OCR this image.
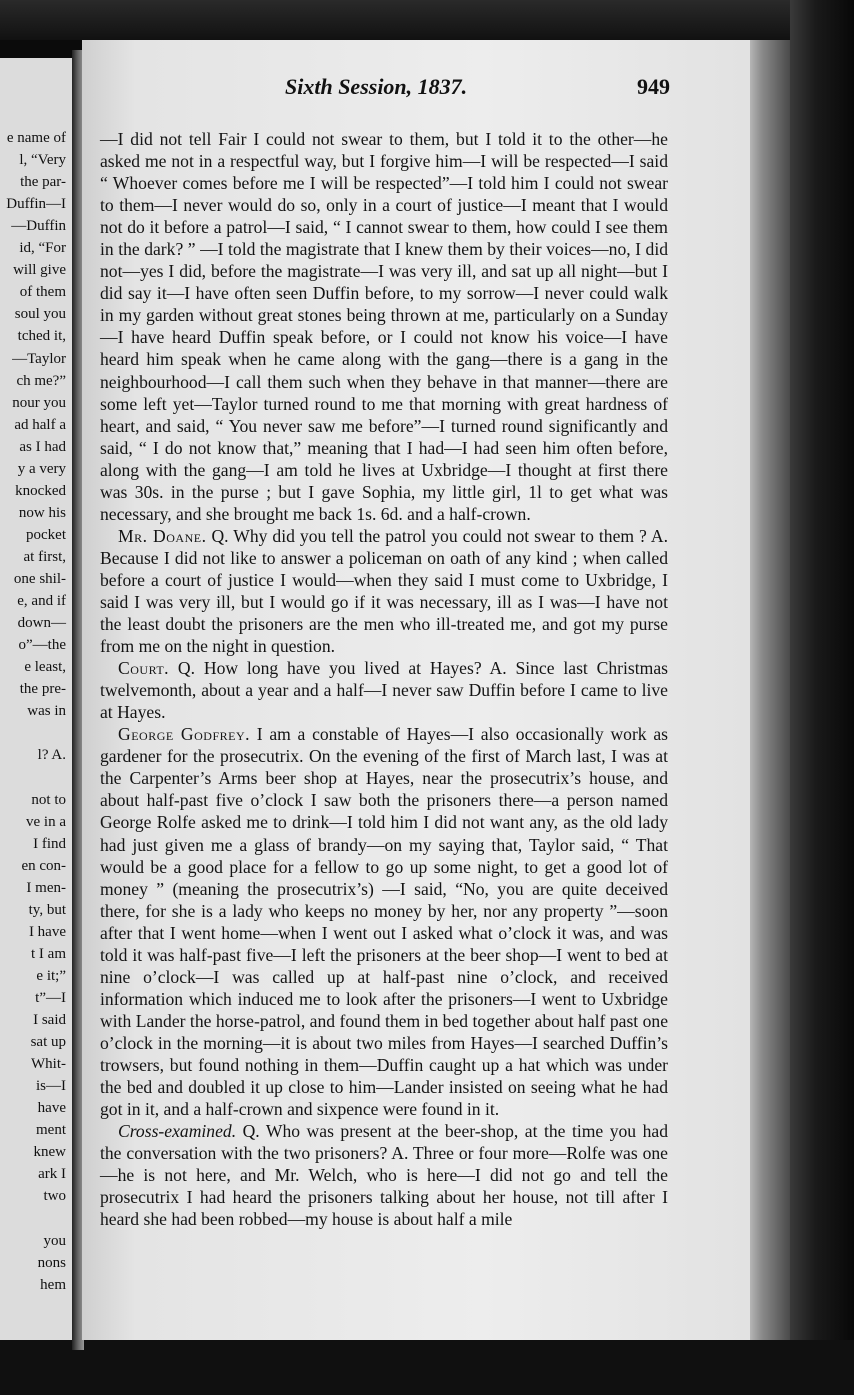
e name of
l, “Very
the par-
Duffin—I
—Duffin
id, “For
will give
of them
soul you
tched it,
—Taylor
ch me?”
nour you
ad half a
as I had
y a very
knocked
now his
pocket
at first,
one shil-
e, and if
down—
o”—the
e least,
the pre-
was in
l? A.
not to
ve in a
I find
en con-
I men-
ty, but
I have
t I am
e it;”
t”—I
I said
sat up
Whit-
is—I
have
ment
knew
ark I
two
you
nons
hem
Sixth Session, 1837.	949

—I did not tell Fair I could not swear to them, but I told it to the other—he asked me not in a respectful way, but I forgive him—I will be respected—I said “ Whoever comes before me I will be respected”—I told him I could not swear to them—I never would do so, only in a court of justice—I meant that I would not do it before a patrol—I said, “ I cannot swear to them, how could I see them in the dark? ” —I told the magistrate that I knew them by their voices—no, I did not—yes I did, before the magistrate—I was very ill, and sat up all night—but I did say it—I have often seen Duffin before, to my sorrow—I never could walk in my garden without great stones being thrown at me, particularly on a Sunday—I have heard Duffin speak before, or I could not know his voice—I have heard him speak when he came along with the gang—there is a gang in the neighbourhood—I call them such when they behave in that manner—there are some left yet—Taylor turned round to me that morning with great hardness of heart, and said, “ You never saw me before”—I turned round significantly and said, “ I do not know that,” meaning that I had—I had seen him often before, along with the gang—I am told he lives at Uxbridge—I thought at first there was 30s. in the purse ; but I gave Sophia, my little girl, 1l to get what was necessary, and she brought me back 1s. 6d. and a half-crown.

Mr. Doane. Q. Why did you tell the patrol you could not swear to them ? A. Because I did not like to answer a policeman on oath of any kind ; when called before a court of justice I would—when they said I must come to Uxbridge, I said I was very ill, but I would go if it was necessary, ill as I was—I have not the least doubt the prisoners are the men who ill-treated me, and got my purse from me on the night in question.

Court. Q. How long have you lived at Hayes? A. Since last Christmas twelvemonth, about a year and a half—I never saw Duffin before I came to live at Hayes.

George Godfrey. I am a constable of Hayes—I also occasionally work as gardener for the prosecutrix. On the evening of the first of March last, I was at the Carpenter’s Arms beer shop at Hayes, near the prosecutrix’s house, and about half-past five o’clock I saw both the prisoners there—a person named George Rolfe asked me to drink—I told him I did not want any, as the old lady had just given me a glass of brandy—on my saying that, Taylor said, “ That would be a good place for a fellow to go up some night, to get a good lot of money ” (meaning the prosecutrix’s) —I said, “No, you are quite deceived there, for she is a lady who keeps no money by her, nor any property ”—soon after that I went home—when I went out I asked what o’clock it was, and was told it was half-past five—I left the prisoners at the beer shop—I went to bed at nine o’clock—I was called up at half-past nine o’clock, and received information which induced me to look after the prisoners—I went to Uxbridge with Lander the horse-patrol, and found them in bed together about half past one o’clock in the morning—it is about two miles from Hayes—I searched Duffin’s trowsers, but found nothing in them—Duffin caught up a hat which was under the bed and doubled it up close to him—Lander insisted on seeing what he had got in it, and a half-crown and sixpence were found in it.

Cross-examined. Q. Who was present at the beer-shop, at the time you had the conversation with the two prisoners? A. Three or four more—Rolfe was one—he is not here, and Mr. Welch, who is here—I did not go and tell the prosecutrix I had heard the prisoners talking about her house, not till after I heard she had been robbed—my house is about half a mile
